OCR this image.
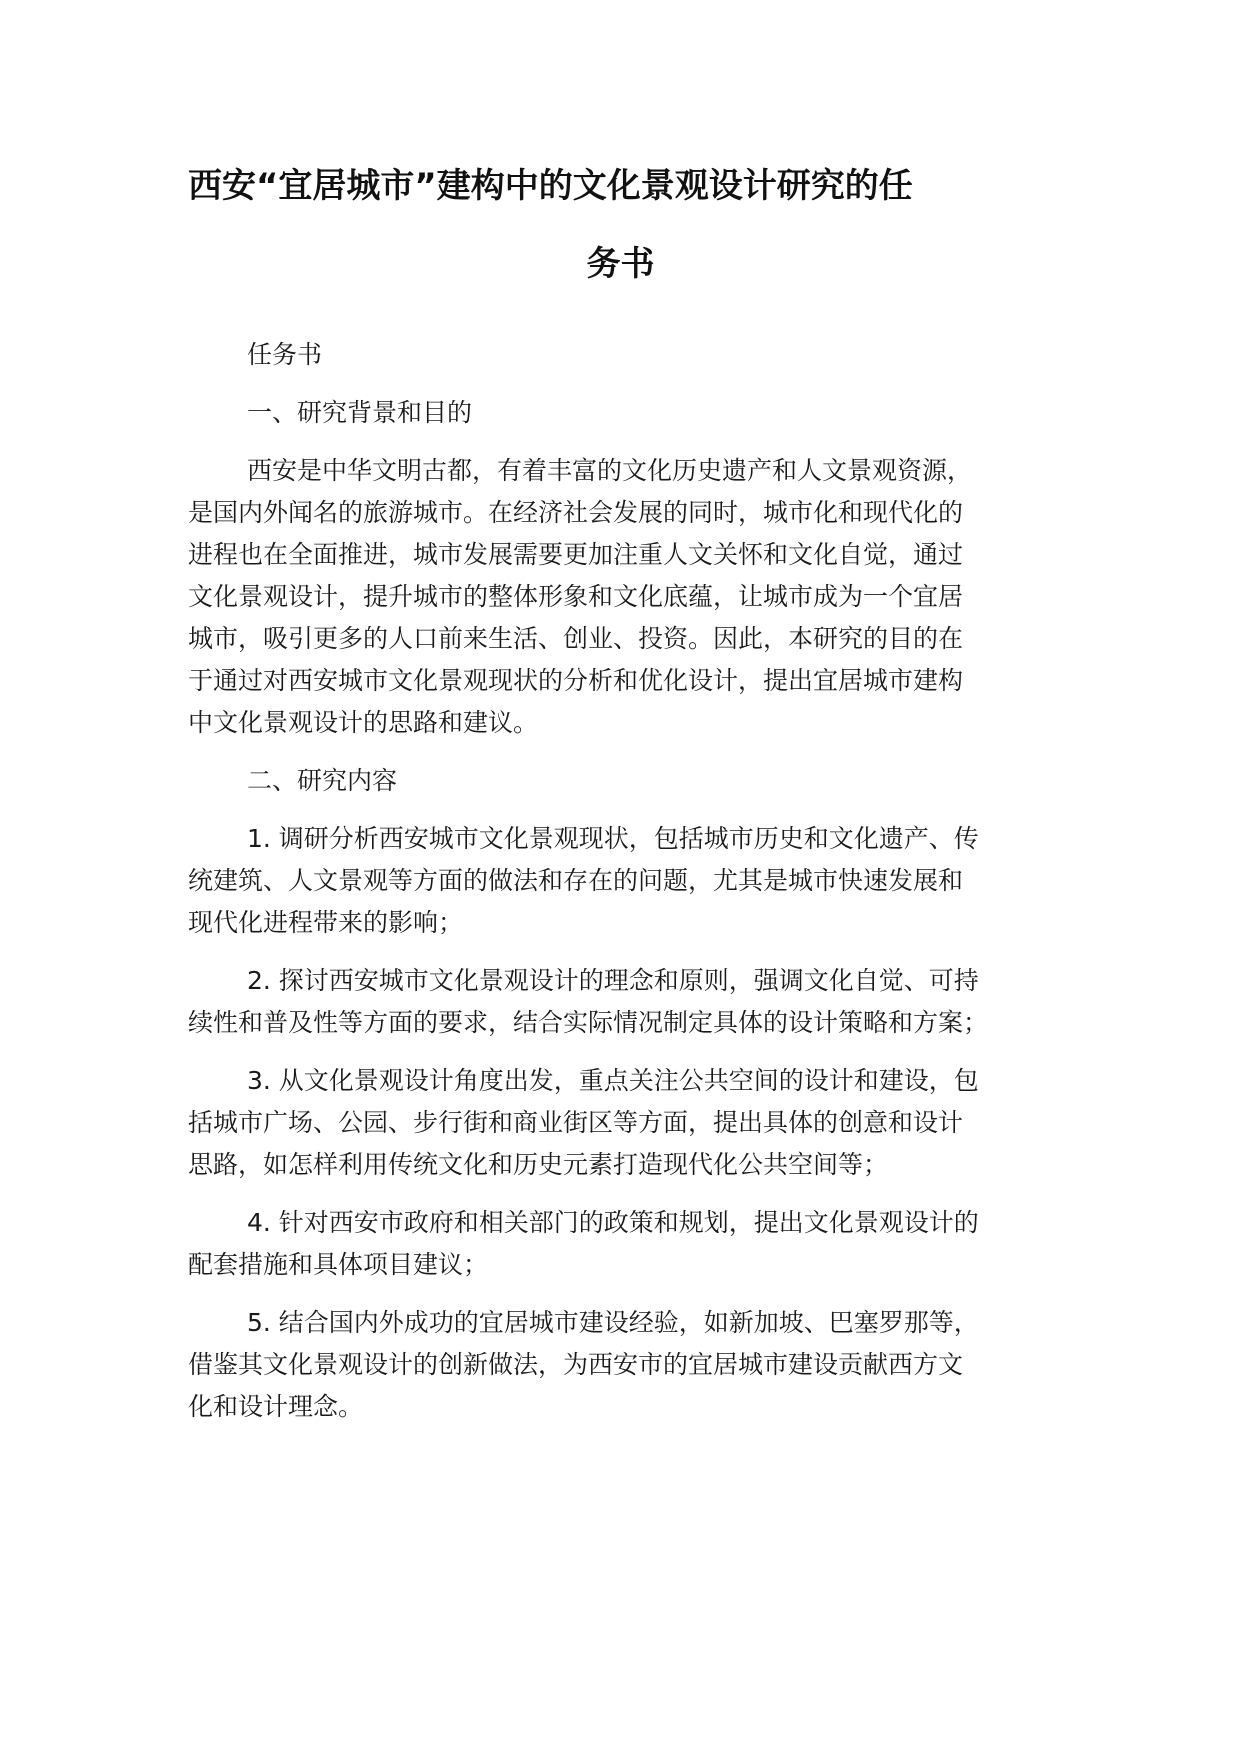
西安“宜居城市”建构中的文化景观设计研究的任
务书
任务书
一、研究背景和目的
西安是中华文明古都，有着丰富的文化历史遗产和人文景观资源，
是国内外闻名的旅游城市。在经济社会发展的同时，城市化和现代化的
进程也在全面推进，城市发展需要更加注重人文关怀和文化自觉，通过
文化景观设计，提升城市的整体形象和文化底蕴，让城市成为一个宜居
城市，吸引更多的人口前来生活、创业、投资。因此，本研究的目的在
于通过对西安城市文化景观现状的分析和优化设计，提出宜居城市建构
中文化景观设计的思路和建议。
二、研究内容
1. 调研分析西安城市文化景观现状，包括城市历史和文化遗产、传
统建筑、人文景观等方面的做法和存在的问题，尤其是城市快速发展和
现代化进程带来的影响；
2. 探讨西安城市文化景观设计的理念和原则，强调文化自觉、可持
续性和普及性等方面的要求，结合实际情况制定具体的设计策略和方案；
3. 从文化景观设计角度出发，重点关注公共空间的设计和建设，包
括城市广场、公园、步行街和商业街区等方面，提出具体的创意和设计
思路，如怎样利用传统文化和历史元素打造现代化公共空间等；
4. 针对西安市政府和相关部门的政策和规划，提出文化景观设计的
配套措施和具体项目建议；
5. 结合国内外成功的宜居城市建设经验，如新加坡、巴塞罗那等，
借鉴其文化景观设计的创新做法，为西安市的宜居城市建设贡献西方文
化和设计理念。
